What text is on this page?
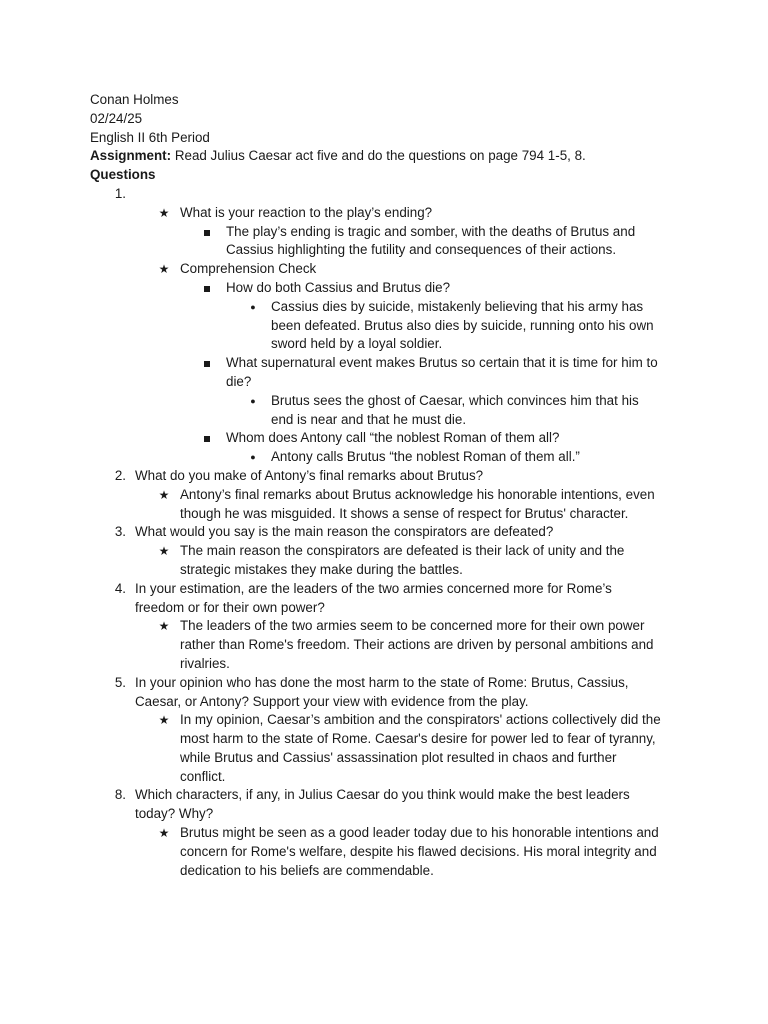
Conan Holmes
02/24/25
English II 6th Period
Assignment: Read Julius Caesar act five and do the questions on page 794 1-5, 8.
Questions
1.
★ What is your reaction to the play’s ending?
The play’s ending is tragic and somber, with the deaths of Brutus and
Cassius highlighting the futility and consequences of their actions.
★ Comprehension Check
How do both Cassius and Brutus die?
●	Cassius dies by suicide, mistakenly believing that his army has
been defeated. Brutus also dies by suicide, running onto his own
sword held by a loyal soldier.
What supernatural event makes Brutus so certain that it is time for him to
die?
●	Brutus sees the ghost of Caesar, which convinces him that his
end is near and that he must die.
Whom does Antony call “the noblest Roman of them all?
●	Antony calls Brutus “the noblest Roman of them all.”
2. What do you make of Antony’s final remarks about Brutus?
★ Antony’s final remarks about Brutus acknowledge his honorable intentions, even
though he was misguided. It shows a sense of respect for Brutus' character.
3. What would you say is the main reason the conspirators are defeated?
★ The main reason the conspirators are defeated is their lack of unity and the
strategic mistakes they make during the battles.
4. In your estimation, are the leaders of the two armies concerned more for Rome’s
freedom or for their own power?
★ The leaders of the two armies seem to be concerned more for their own power
rather than Rome's freedom. Their actions are driven by personal ambitions and
rivalries.
5. In your opinion who has done the most harm to the state of Rome: Brutus, Cassius,
Caesar, or Antony? Support your view with evidence from the play.
★ In my opinion, Caesar’s ambition and the conspirators' actions collectively did the
most harm to the state of Rome. Caesar's desire for power led to fear of tyranny,
while Brutus and Cassius' assassination plot resulted in chaos and further
conflict.
8. Which characters, if any, in Julius Caesar do you think would make the best leaders
today? Why?
★ Brutus might be seen as a good leader today due to his honorable intentions and
concern for Rome's welfare, despite his flawed decisions. His moral integrity and
dedication to his beliefs are commendable.
